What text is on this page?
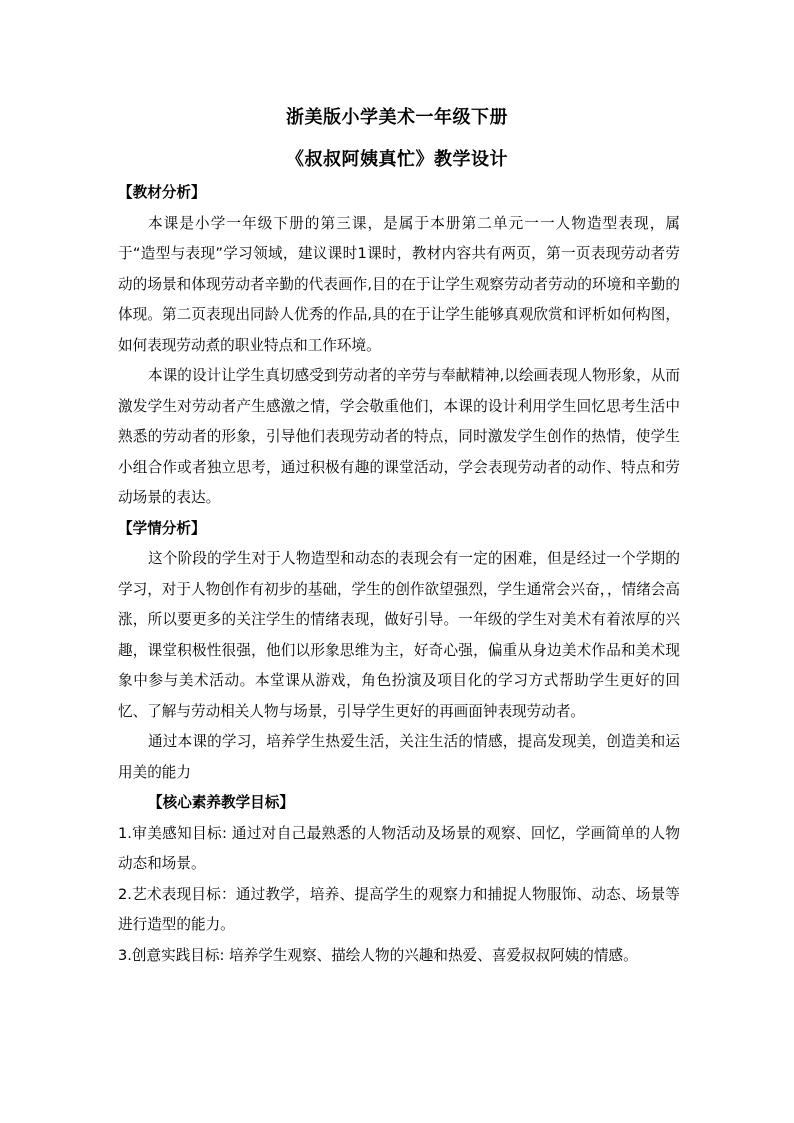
浙美版小学美术一年级下册
《叔叔阿姨真忙》教学设计

【教材分析】

本课是小学一年级下册的第三课，是属于本册第二单元一一人物造型表现，属于“造型与表现”学习领域，建议课时1课时，教材内容共有两页，第一页表现劳动者劳动的场景和体现劳动者辛勤的代表画作,目的在于让学生观察劳动者劳动的环境和辛勤的体现。第二页表现出同龄人优秀的作品,具的在于让学生能够真观欣赏和评析如何构图，如何表现劳动煮的职业特点和工作环境。

本课的设计让学生真切感受到劳动者的辛劳与奉献精神,以绘画表现人物形象，从而激发学生对劳动者产生感激之情，学会敬重他们，本课的设计利用学生回忆思考生活中熟悉的劳动者的形象，引导他们表现劳动者的特点，同时激发学生创作的热情，使学生小组合作或者独立思考，通过积极有趣的课堂活动，学会表现劳动者的动作、特点和劳动场景的表达。

【学情分析】

这个阶段的学生对于人物造型和动态的表现会有一定的困难，但是经过一个学期的学习，对于人物创作有初步的基础，学生的创作欲望强烈，学生通常会兴奋，，情绪会高涨，所以要更多的关注学生的情绪表现，做好引导。一年级的学生对美术有着浓厚的兴趣，课堂积极性很强，他们以形象思维为主，好奇心强，偏重从身边美术作品和美术现象中参与美术活动。本堂课从游戏，角色扮演及项目化的学习方式帮助学生更好的回忆、了解与劳动相关人物与场景，引导学生更好的再画面钟表现劳动者。

通过本课的学习，培养学生热爱生活，关注生活的情感，提高发现美，创造美和运用美的能力

【核心素养教学目标】

1.审美感知目标: 通过对自己最熟悉的人物活动及场景的观察、回忆，学画简单的人物动态和场景。

2.艺术表现目标：通过教学，培养、提高学生的观察力和捕捉人物服饰、动态、场景等进行造型的能力。

3.创意实践目标: 培养学生观察、描绘人物的兴趣和热爱、喜爱叔叔阿姨的情感。
